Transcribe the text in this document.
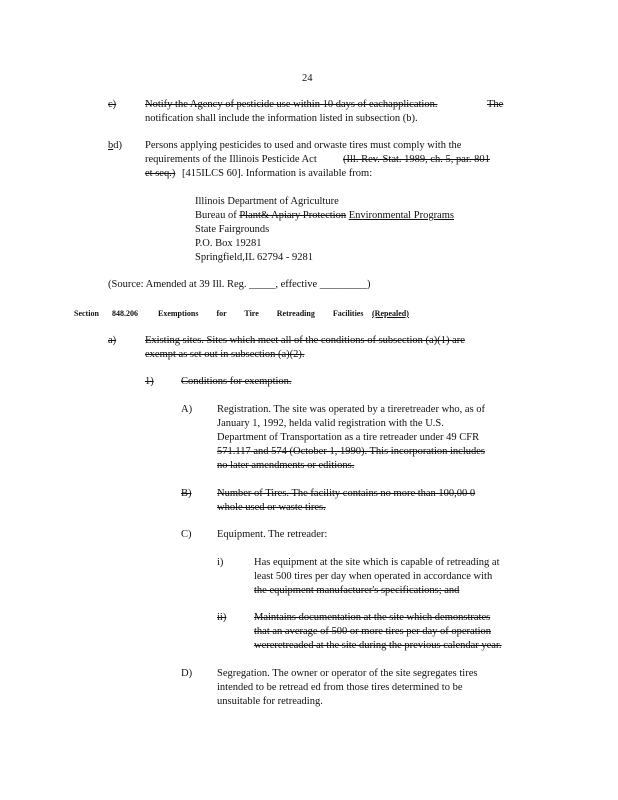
24
c)	Notify the Agency of pesticide use within 10 days of eachapplication.	The
notification shall include the information listed in subsection (b).
bd) Persons applying pesticides to used and orwaste tires must comply with the
requirements of the Illinois Pesticide Act (Ill. Rev. Stat. 1989, ch. 5, par. 801
et seq.) [415ILCS 60]. Information is available from:
Illinois Department of Agriculture
Bureau of Plant& Apiary Protection Environmental Programs
State Fairgrounds
P.O. Box 19281
Springfield,IL 62794 - 9281
(Source: Amended at 39 Ill. Reg. _____, effective _________)
Section 848.206	Exemptions for Tire Retreading Facilities (Repealed)
a)	Existing sites. Sites which meet all of the conditions of subsection (a)(1) are
exempt as set out in subsection (a)(2).
1)	Conditions for exemption.
A) Registration. The site was operated by a tireretreader who, as of
January 1, 1992, helda valid registration with the U.S.
Department of Transportation as a tire retreader under 49 CFR
571.117 and 574 (October 1, 1990). This incorporation includes
no later amendments or editions.
B) Number of Tires. The facility contains no more than 100,00 0
whole used or waste tires.
C) Equipment. The retreader:
i)	Has equipment at the site which is capable of retreading at
least 500 tires per day when operated in accordance with
the equipment manufacturer's specifications; and
ii)	Maintains documentation at the site which demonstrates
that an average of 500 or more tires per day of operation
wereretreaded at the site during the previous calendar year.
D) Segregation. The owner or operator of the site segregates tires
intended to be retread ed from those tires determined to be
unsuitable for retreading.
